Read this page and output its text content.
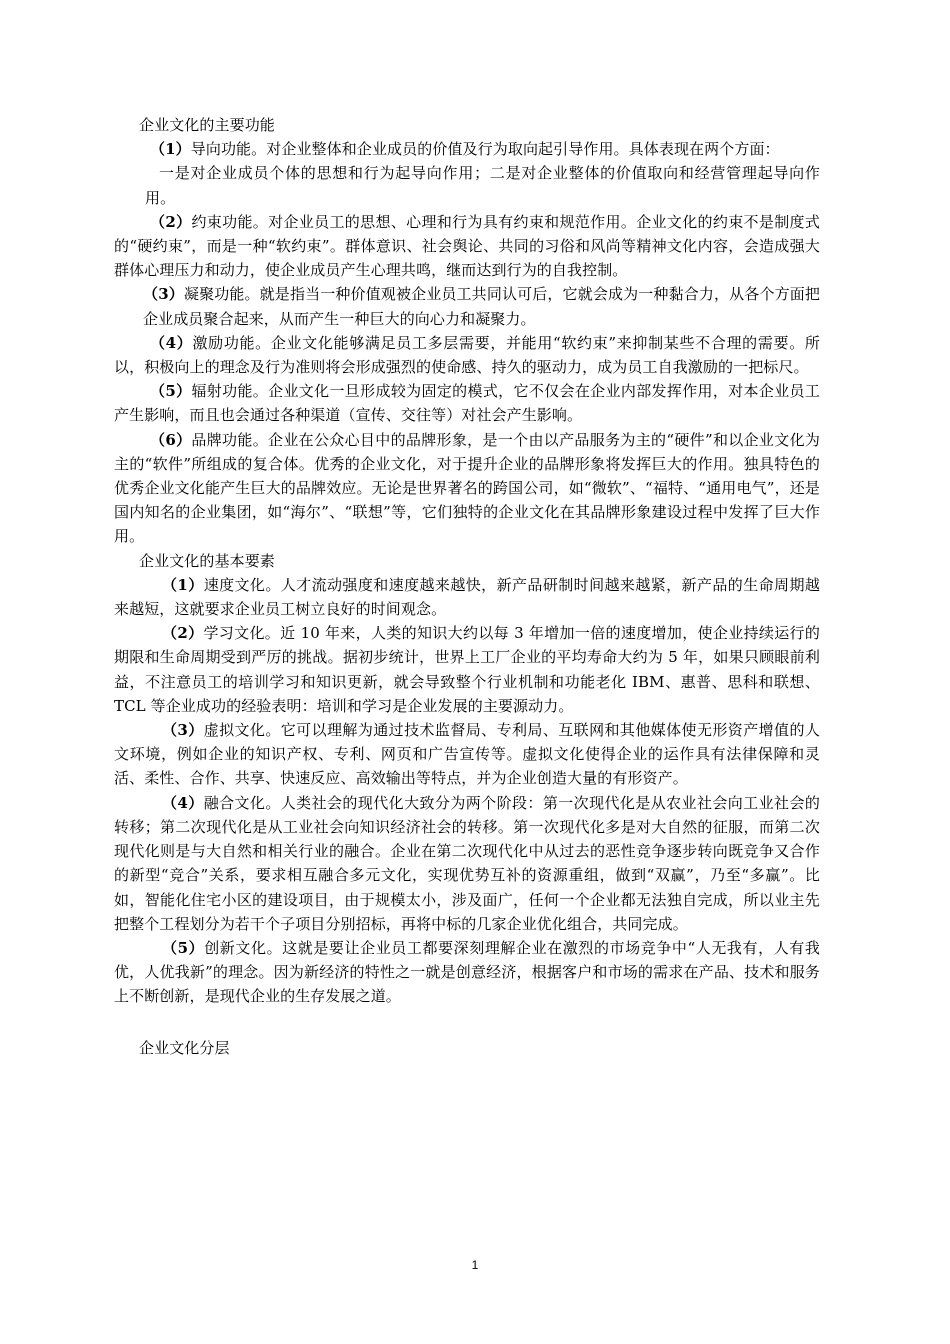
企业文化的主要功能

（1）导向功能。对企业整体和企业成员的价值及行为取向起引导作用。具体表现在两个方面：

一是对企业成员个体的思想和行为起导向作用；二是对企业整体的价值取向和经营管理起导向作用。

（2）约束功能。对企业员工的思想、心理和行为具有约束和规范作用。企业文化的约束不是制度式的“硬约束”，而是一种“软约束”。群体意识、社会舆论、共同的习俗和风尚等精神文化内容，会造成强大群体心理压力和动力，使企业成员产生心理共鸣，继而达到行为的自我控制。

（3）凝聚功能。就是指当一种价值观被企业员工共同认可后，它就会成为一种黏合力，从各个方面把企业成员聚合起来，从而产生一种巨大的向心力和凝聚力。

（4）激励功能。企业文化能够满足员工多层需要，并能用“软约束”来抑制某些不合理的需要。所以，积极向上的理念及行为准则将会形成强烈的使命感、持久的驱动力，成为员工自我激励的一把标尺。

（5）辐射功能。企业文化一旦形成较为固定的模式，它不仅会在企业内部发挥作用，对本企业员工产生影响，而且也会通过各种渠道（宣传、交往等）对社会产生影响。

（6）品牌功能。企业在公众心目中的品牌形象，是一个由以产品服务为主的“硬件”和以企业文化为主的“软件”所组成的复合体。优秀的企业文化，对于提升企业的品牌形象将发挥巨大的作用。独具特色的优秀企业文化能产生巨大的品牌效应。无论是世界著名的跨国公司，如“微软”、“福特、“通用电气”，还是国内知名的企业集团，如“海尔”、“联想”等，它们独特的企业文化在其品牌形象建设过程中发挥了巨大作用。

企业文化的基本要素

（1）速度文化。人才流动强度和速度越来越快，新产品研制时间越来越紧，新产品的生命周期越来越短，这就要求企业员工树立良好的时间观念。

（2）学习文化。近 10 年来，人类的知识大约以每 3 年增加一倍的速度增加，使企业持续运行的期限和生命周期受到严厉的挑战。据初步统计，世界上工厂企业的平均寿命大约为 5 年，如果只顾眼前利益，不注意员工的培训学习和知识更新，就会导致整个行业机制和功能老化 IBM、惠普、思科和联想、TCL 等企业成功的经验表明：培训和学习是企业发展的主要源动力。

（3）虚拟文化。它可以理解为通过技术监督局、专利局、互联网和其他媒体使无形资产增值的人文环境，例如企业的知识产权、专利、网页和广告宣传等。虚拟文化使得企业的运作具有法律保障和灵活、柔性、合作、共享、快速反应、高效输出等特点，并为企业创造大量的有形资产。

（4）融合文化。人类社会的现代化大致分为两个阶段：第一次现代化是从农业社会向工业社会的转移；第二次现代化是从工业社会向知识经济社会的转移。第一次现代化多是对大自然的征服，而第二次现代化则是与大自然和相关行业的融合。企业在第二次现代化中从过去的恶性竞争逐步转向既竞争又合作的新型“竞合”关系，要求相互融合多元文化，实现优势互补的资源重组，做到“双赢”，乃至“多赢”。比如，智能化住宅小区的建设项目，由于规模太小，涉及面广，任何一个企业都无法独自完成，所以业主先把整个工程划分为若干个子项目分别招标，再将中标的几家企业优化组合，共同完成。

（5）创新文化。这就是要让企业员工都要深刻理解企业在激烈的市场竞争中“人无我有，人有我优，人优我新”的理念。因为新经济的特性之一就是创意经济，根据客户和市场的需求在产品、技术和服务上不断创新，是现代企业的生存发展之道。

企业文化分层

1
